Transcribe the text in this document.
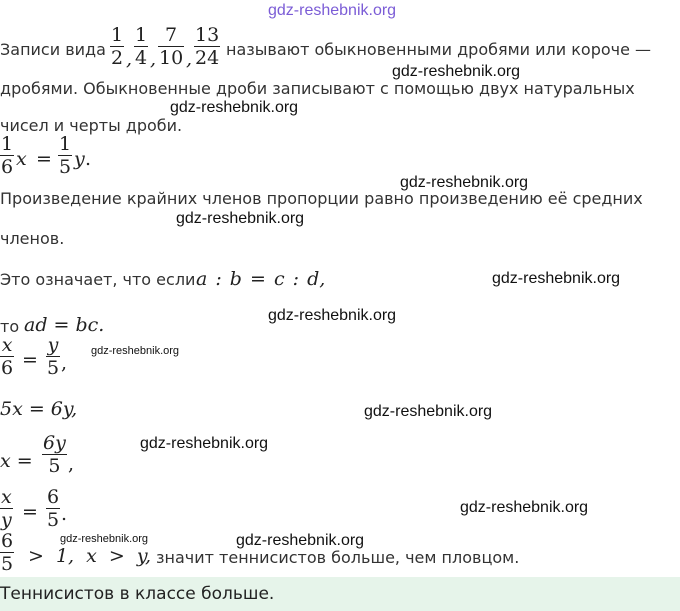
gdz-reshebnik.org
Записи вида
1
2 ,
1
4 ,
7
10 ,
13
24 называют обыкновенными дробями или короче —
gdz-reshebnik.org
дробями. Обыкновенные дроби записывают с помощью двух натуральных
gdz-reshebnik.org
чисел и черты дроби.
1
6 x =
1
5 y .
gdz-reshebnik.org
Произведение крайних членов пропорции равно произведению её средних
gdz-reshebnik.org
членов.
Это означает, что если a : b = c : d,	gdz-reshebnik.org
gdz-reshebnik.org
то ad = bc.
x
6 =
y
5 ,
gdz-reshebnik.org
5x = 6y,	gdz-reshebnik.org
x =
6y
5 ,
gdz-reshebnik.org
x
y =
6
5 .	gdz-reshebnik.org
gdz-reshebnik.org	gdz-reshebnik.org
6
5 > 1, x > y, значит теннисистов больше, чем пловцом.
Теннисистов в классе больше.
